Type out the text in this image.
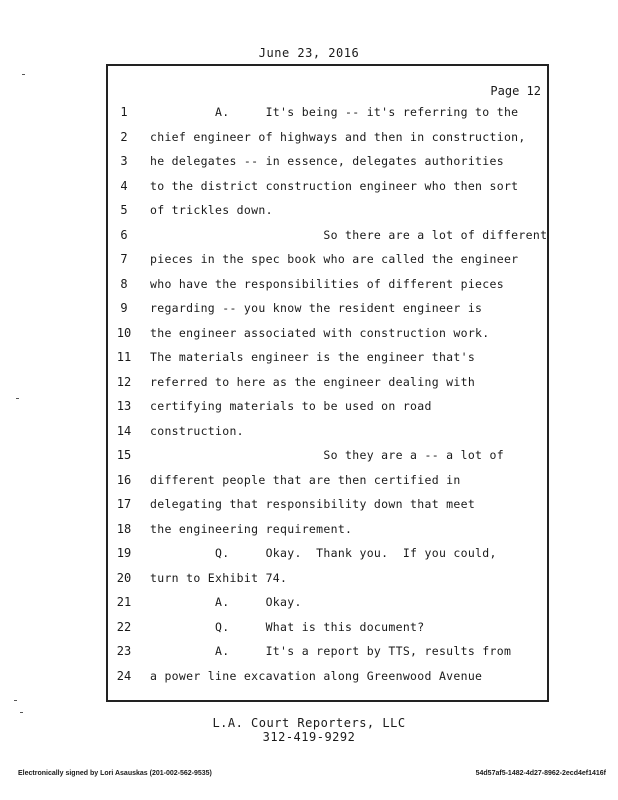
June 23, 2016
Page 12
1	A.     It's being -- it's referring to the
2	chief engineer of highways and then in construction,
3	he delegates -- in essence, delegates authorities
4	to the district construction engineer who then sort
5	of trickles down.
6	So there are a lot of different
7	pieces in the spec book who are called the engineer
8	who have the responsibilities of different pieces
9	regarding -- you know the resident engineer is
10	the engineer associated with construction work.
11	The materials engineer is the engineer that's
12	referred to here as the engineer dealing with
13	certifying materials to be used on road
14	construction.
15	So they are a -- a lot of
16	different people that are then certified in
17	delegating that responsibility down that meet
18	the engineering requirement.
19	Q.     Okay.  Thank you.  If you could,
20	turn to Exhibit 74.
21	A.     Okay.
22	Q.     What is this document?
23	A.     It's a report by TTS, results from
24	a power line excavation along Greenwood Avenue
L.A. Court Reporters, LLC
312-419-9292
Electronically signed by Lori Asauskas (201-002-562-9535)	54d57af5-1482-4d27-8962-2ecd4ef1416f
